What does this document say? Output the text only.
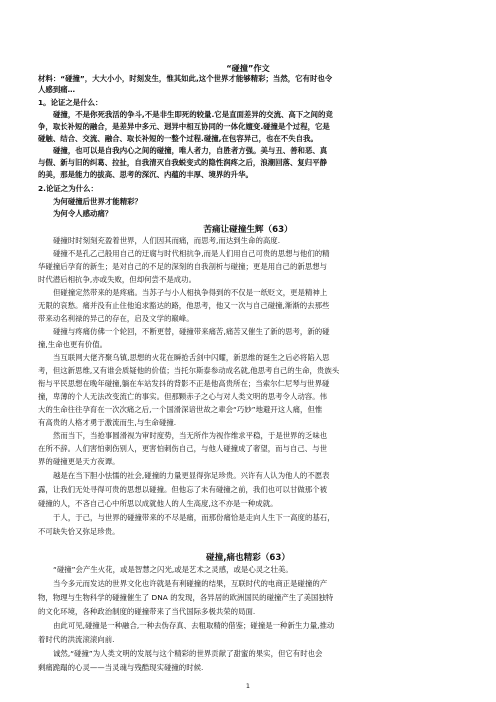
“碰撞”作文
材料：“碰撞”，大大小小，时刻发生，惟其如此,这个世界才能够精彩；当然，它有时也令
人感到痛…
1。论证之是什么：
碰撞，不是你死我活的争斗,不是非生即死的较量.它是直面差异的交流、高下之间的竞
争，取长补短的融合，是差异中多元、迥异中相互协同的一体化嬗变.碰撞是个过程，它是
碰触、结合、交流、融合、取长补短的一整个过程.碰撞,在包容异己，也在不失自我。
碰撞，也可以是自我内心之间的碰撞，唯人者力，自胜者方强。美与丑、善和恶、真
与假、新与旧的纠葛、拉扯，自我清灭自我蜕变式的隐性润疼之后，浪潮回落、复归平静
的美，那是能力的拔高、思考的深沉、内蕴的丰厚、境界的升华。
2.论证之为什么：
为何碰撞后世界才能精彩？
为何令人感动痛？
苦痛让碰撞生辉（63）
碰撞时时刻刻充盈着世界，人们因其而痛，而思考,而达到生命的高度.
碰撞不是孔乙己般用自己的迂腐与时代相抗争,而是人们用自己可贵的思想与他们的精
华碰撞后孕育的新生；是对自己的不足的深刻的自我剖析与碰撞；更是用自己的新思想与
时代潜后相抗争,亦或失败，但却何尝不是成功。
但碰撞定然带来的是疼痛。当苏子与小人相执争得到的不仅是一纸贬文，更是精神上
无限的哀愁。痛并没有止住他追求豁达的路，他思考，他又一次与自己碰撞,渐渐的去那些
带来动名利禄的异己的存在，启及文学的巅峰。
碰撞与疼痛仿佛一个轮回，不断更替，碰撞带来痛苦,痛苦又催生了新的思考，新的碰
撞,生命也更有价值。
当互联网大佬齐聚乌镇,思想的火花在瞬抢舌剑中闪耀，新思维的诞生之后必将陷入思
考，但这新思维,又有谁会质疑他的价值；当托尔斯泰参动成名就,他思考自己的生命，贵族头
衔与平民思想在晚年碰撞,躺在车站发抖的背影不正是他高贵所在；当索尔仁尼琴与世界碰
撞，卑薄的个人无法改变流亡的事实。但那颗赤子之心与对人类文明的思考令人动容。伟
大的生命往往孕育在一次次痛之后,一个国滑深谙世故之辈会“巧妙”地避开这人痛，但惟
有高贵的人格才勇于激流而生,与生命碰撞.
然而当下，当抢事圆滑视为审时度势，当无所作为视作维求平稳，于是世界的乏味也
在所不辞。人们害怕刺伤别人，更害怕刺伤自己，与他人碰撞成了奢望，而与自己、与世
界的碰撞更是天方夜谭。
越是在当下胆小怯懦的社会,碰撞的力量更显得弥足珍贵。兴许有人认为他人的不愿表
露，让我们无处寻得可贵的思想以碰撞。但他忘了未有碰撞之前，我们也可以甘做那个被
碰撞的人，不吝自己心中所思以成就他人的人生高度,这不亦是一种成就。
于人，于己，与世界的碰撞带来的不尽是痛，而那份痛恰是走向人生下一高度的基石，
不可缺失恰又弥足珍贵。
碰撞,痛也精彩（63）
“碰撞”会产生火花，或是智慧之闪光,或是艺术之灵感，或是心灵之壮美。
当今多元而发达的世界文化也许就是有利碰撞的结果，互联时代的电商正是碰撞的产
物，物理与生物科学的碰撞催生了 DNA 的发现，各异居的欧洲国民的碰撞产生了美国独特
的文化环境，各种政治制度的碰撞带来了当代国际多极共荣的局面.
由此可见,碰撞是一种融合,一种去伪存真、去粗取精的借鉴；碰撞是一种新生力量,推动
着时代的洪流滚滚向前.
诚然,“碰撞”为人类文明的发展与这个精彩的世界贡献了甜蜜的果实，但它有时也会
剩痛跪蹋的心灵——当灵魂与残酷现实碰撞的时候.
1
